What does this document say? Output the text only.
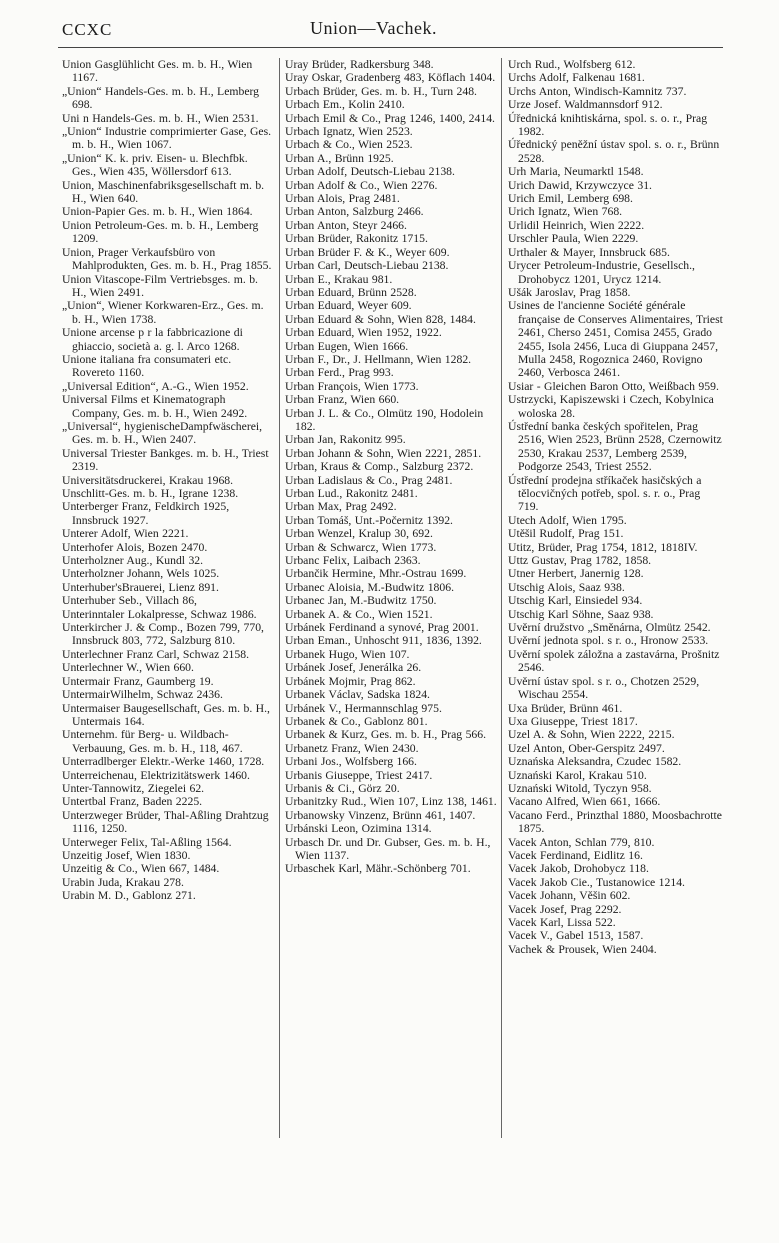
CCXC	Union—Vachek.
Union Gasglühlicht Ges. m. b. H., Wien 1167.
„Union“ Handels-Ges. m. b. H., Lemberg 698.
Uni n Handels-Ges. m. b. H., Wien 2531.
„Union“ Industrie comprimierter Gase, Ges. m. b. H., Wien 1067.
„Union“ K. k. priv. Eisen- u. Blechfbk. Ges., Wien 435, Wöllersdorf 613.
Union, Maschinenfabriksgesellschaft m. b. H., Wien 640.
Union-Papier Ges. m. b. H., Wien 1864.
Union Petroleum-Ges. m. b. H., Lemberg 1209.
Union, Prager Verkaufsbüro von Mahlprodukten, Ges. m. b. H., Prag 1855.
Union Vitascope-Film Vertriebsges. m. b. H., Wien 2491.
„Union“, Wiener Korkwaren-Erz., Ges. m. b. H., Wien 1738.
Unione arcense p r la fabbricazione di ghiaccio, società a. g. l. Arco 1268.
Unione italiana fra consumateri etc. Rovereto 1160.
„Universal Edition“, A.-G., Wien 1952.
Universal Films et Kinematograph Company, Ges. m. b. H., Wien 2492.
„Universal“, hygienischeDampfwäscherei, Ges. m. b. H., Wien 2407.
Universal Triester Bankges. m. b. H., Triest 2319.
Universitätsdruckerei, Krakau 1968.
Unschlitt-Ges. m. b. H., Igrane 1238.
Unterberger Franz, Feldkirch 1925, Innsbruck 1927.
Unterer Adolf, Wien 2221.
Unterhofer Alois, Bozen 2470.
Unterholzner Aug., Kundl 32.
Unterholzner Johann, Wels 1025.
Unterhuber'sBrauerei, Lienz 891.
Unterhuber Seb., Villach 86,
Unterinntaler Lokalpresse, Schwaz 1986.
Unterkircher J. & Comp., Bozen 799, 770, Innsbruck 803, 772, Salzburg 810.
Unterlechner Franz Carl, Schwaz 2158.
Unterlechner W., Wien 660.
Untermair Franz, Gaumberg 19.
UntermairWilhelm, Schwaz 2436.
Untermaiser Baugesellschaft, Ges. m. b. H., Untermais 164.
Unternehm. für Berg- u. Wildbach-Verbauung, Ges. m. b. H., 118, 467.
Unterradlberger Elektr.-Werke 1460, 1728.
Unterreichenau, Elektrizitätswerk 1460.
Unter-Tannowitz, Ziegelei 62.
Untertbal Franz, Baden 2225.
Unterzweger Brüder, Thal-Aßling Drahtzug 1116, 1250.
Unterweger Felix, Tal-Aßling 1564.
Unzeitig Josef, Wien 1830.
Unzeitig & Co., Wien 667, 1484.
Urabin Juda, Krakau 278.
Urabin M. D., Gablonz 271.
Uray Brüder, Radkersburg 348.
Uray Oskar, Gradenberg 483, Köflach 1404.
Urbach Brüder, Ges. m. b. H., Turn 248.
Urbach Em., Kolin 2410.
Urbach Emil & Co., Prag 1246, 1400, 2414.
Urbach Ignatz, Wien 2523.
Urbach & Co., Wien 2523.
Urban A., Brünn 1925.
Urban Adolf, Deutsch-Liebau 2138.
Urban Adolf & Co., Wien 2276.
Urban Alois, Prag 2481.
Urban Anton, Salzburg 2466.
Urban Anton, Steyr 2466.
Urban Brüder, Rakonitz 1715.
Urban Brüder F. & K., Weyer 609.
Urban Carl, Deutsch-Liebau 2138.
Urban E., Krakau 981.
Urban Eduard, Brünn 2528.
Urban Eduard, Weyer 609.
Urban Eduard & Sohn, Wien 828, 1484.
Urban Eduard, Wien 1952, 1922.
Urban Eugen, Wien 1666.
Urban F., Dr., J. Hellmann, Wien 1282.
Urban Ferd., Prag 993.
Urban François, Wien 1773.
Urban Franz, Wien 660.
Urban J. L. & Co., Olmütz 190, Hodolein 182.
Urban Jan, Rakonitz 995.
Urban Johann & Sohn, Wien 2221, 2851.
Urban, Kraus & Comp., Salzburg 2372.
Urban Ladislaus & Co., Prag 2481.
Urban Lud., Rakonitz 2481.
Urban Max, Prag 2492.
Urban Tomáš, Unt.-Počernitz 1392.
Urban Wenzel, Kralup 30, 692.
Urban & Schwarcz, Wien 1773.
Urbanc Felix, Laibach 2363.
Urbančik Hermine, Mhr.-Ostrau 1699.
Urbanec Aloisia, M.-Budwitz 1806.
Urbanec Jan, M.-Budwitz 1750.
Urbanek A. & Co., Wien 1521.
Urbánek Ferdinand a synové, Prag 2001.
Urban Eman., Unhoscht 911, 1836, 1392.
Urbanek Hugo, Wien 107.
Urbánek Josef, Jenerálka 26.
Urbánek Mojmir, Prag 862.
Urbanek Václav, Sadska 1824.
Urbánek V., Hermannschlag 975.
Urbanek & Co., Gablonz 801.
Urbanek & Kurz, Ges. m. b. H., Prag 566.
Urbanetz Franz, Wien 2430.
Urbani Jos., Wolfsberg 166.
Urbanis Giuseppe, Triest 2417.
Urbanis & Ci., Görz 20.
Urbanitzky Rud., Wien 107, Linz 138, 1461.
Urbanowsky Vinzenz, Brünn 461, 1407.
Urbánski Leon, Ozimina 1314.
Urbasch Dr. und Dr. Gubser, Ges. m. b. H., Wien 1137.
Urbaschek Karl, Mähr.-Schönberg 701.
Urch Rud., Wolfsberg 612.
Urchs Adolf, Falkenau 1681.
Urchs Anton, Windisch-Kamnitz 737.
Urze Josef. Waldmannsdorf 912.
Úřednická knihtiskárna, spol. s. o. r., Prag 1982.
Úřednický peněžní ústav spol. s. o. r., Brünn 2528.
Urh Maria, Neumarktl 1548.
Urich Dawid, Krzywczyce 31.
Urich Emil, Lemberg 698.
Urich Ignatz, Wien 768.
Urlidil Heinrich, Wien 2222.
Urschler Paula, Wien 2229.
Urthaler & Mayer, Innsbruck 685.
Urycer Petroleum-Industrie, Gesellsch., Drohobycz 1201, Urycz 1214.
Ušák Jaroslav, Prag 1858.
Usines de l'ancienne Société générale française de Conserves Alimentaires, Triest 2461, Cherso 2451, Comisa 2455, Grado 2455, Isola 2456, Luca di Giuppana 2457, Mulla 2458, Rogoznica 2460, Rovigno 2460, Verbosca 2461.
Usiar - Gleichen Baron Otto, Weißbach 959.
Ustrzycki, Kapiszewski i Czech, Kobylnica woloska 28.
Ústřední banka českých spořitelen, Prag 2516, Wien 2523, Brünn 2528, Czernowitz 2530, Krakau 2537, Lemberg 2539, Podgorze 2543, Triest 2552.
Ústřední prodejna stříkaček hasičských a tělocvičných potřeb, spol. s. r. o., Prag 719.
Utech Adolf, Wien 1795.
Utěšil Rudolf, Prag 151.
Utitz, Brüder, Prag 1754, 1812, 1818IV.
Uttz Gustav, Prag 1782, 1858.
Utner Herbert, Janernig 128.
Utschig Alois, Saaz 938.
Utschig Karl, Einsiedel 934.
Utschig Karl Söhne, Saaz 938.
Uvěrní družstvo „Směnárna, Olmütz 2542.
Uvěrní jednota spol. s r. o., Hronow 2533.
Uvěrní spolek záložna a zastavárna, Prošnitz 2546.
Uvěrní ústav spol. s r. o., Chotzen 2529, Wischau 2554.
Uxa Brüder, Brünn 461.
Uxa Giuseppe, Triest 1817.
Uzel A. & Sohn, Wien 2222, 2215.
Uzel Anton, Ober-Gerspitz 2497.
Uznańska Aleksandra, Czudec 1582.
Uznański Karol, Krakau 510.
Uznański Witold, Tyczyn 958.
Vacano Alfred, Wien 661, 1666.
Vacano Ferd., Prinzthal 1880, Moosbachrotte 1875.
Vacek Anton, Schlan 779, 810.
Vacek Ferdinand, Eidlitz 16.
Vacek Jakob, Drohobycz 118.
Vacek Jakob Cie., Tustanowice 1214.
Vacek Johann, Věšin 602.
Vacek Josef, Prag 2292.
Vacek Karl, Lissa 522.
Vacek V., Gabel 1513, 1587.
Vachek & Prousek, Wien 2404.
